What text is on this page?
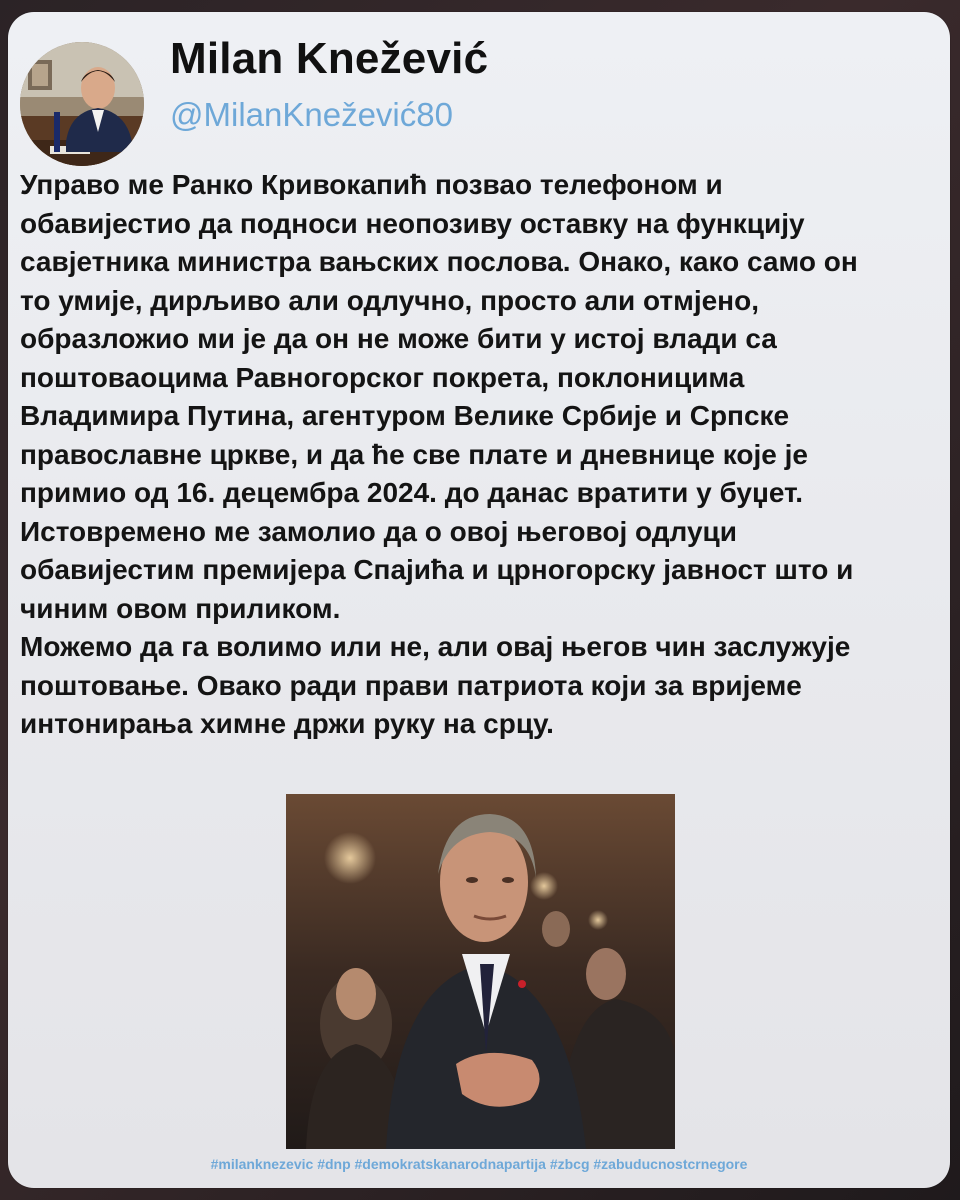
Milan Knežević
@MilanKnežević80
Управо ме Ранко Кривокапић позвао телефоном и
обавијестио да подноси неопозиву оставку на функцију
савјетника министра вањских послова. Онако, како само он
то умије, дирљиво али одлучно, просто али отмјено,
образложио ми је да он не може бити у истој влади са
поштоваоцима Равногорског покрета, поклоницима
Владимира Путина, агентуром Велике Србије и Српске
православне цркве, и да ће све плате и дневнице које је
примио од 16. децембра 2024. до данас вратити у буџет.
Истовремено ме замолио да о овој његовој одлуци
обавијестим премијера Спајића и црногорску јавност што и
чиним овом приликом.
Можемо да га волимо или не, али овај његов чин заслужује
поштовање. Овако ради прави патриота који за вријеме
интонирања химне држи руку на срцу.
#milanknezevic #dnp #demokratskanarodnapartija #zbcg #zabuducnostcrnegore
